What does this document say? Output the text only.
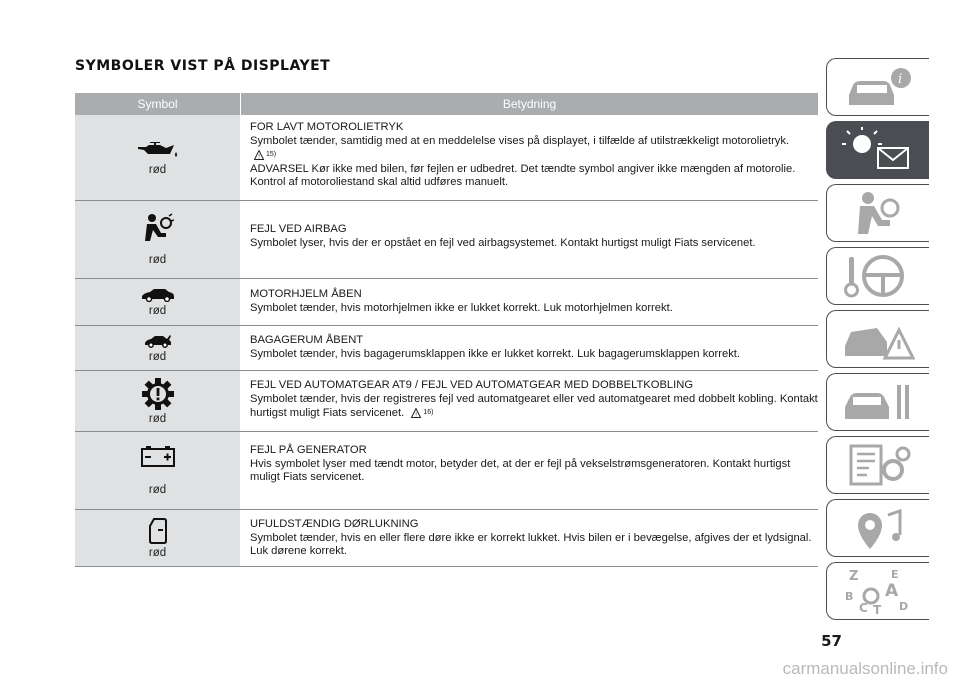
SYMBOLER VIST PÅ DISPLAYET
Symbol	Betydning
rød
FOR LAVT MOTOROLIETRYK
Symbolet tænder, samtidig med at en meddelelse vises på displayet, i tilfælde af utilstrækkeligt motorolietryk.
! 15)
ADVARSEL Kør ikke med bilen, før fejlen er udbedret. Det tændte symbol angiver ikke mængden af motorolie. Kontrol af motoroliestand skal altid udføres manuelt.
rød
FEJL VED AIRBAG
Symbolet lyser, hvis der er opstået en fejl ved airbagsystemet. Kontakt hurtigst muligt Fiats servicenet.
rød
MOTORHJELM ÅBEN
Symbolet tænder, hvis motorhjelmen ikke er lukket korrekt. Luk motorhjelmen korrekt.
rød
BAGAGERUM ÅBENT
Symbolet tænder, hvis bagagerumsklappen ikke er lukket korrekt. Luk bagagerumsklappen korrekt.
rød
FEJL VED AUTOMATGEAR AT9 / FEJL VED AUTOMATGEAR MED DOBBELTKOBLING
Symbolet tænder, hvis der registreres fejl ved automatgearet eller ved automatgearet med dobbelt kobling. Kontakt hurtigst muligt Fiats servicenet. ! 16)
rød
FEJL PÅ GENERATOR
Hvis symbolet lyser med tændt motor, betyder det, at der er fejl på vekselstrømsgeneratoren. Kontakt hurtigst muligt Fiats servicenet.
rød
UFULDSTÆNDIG DØRLUKNING
Symbolet tænder, hvis en eller flere døre ikke er korrekt lukket. Hvis bilen er i bevægelse, afgives der et lydsignal. Luk dørene korrekt.
57
i
Z	E
A
B
C T D
carmanualsonline.info
